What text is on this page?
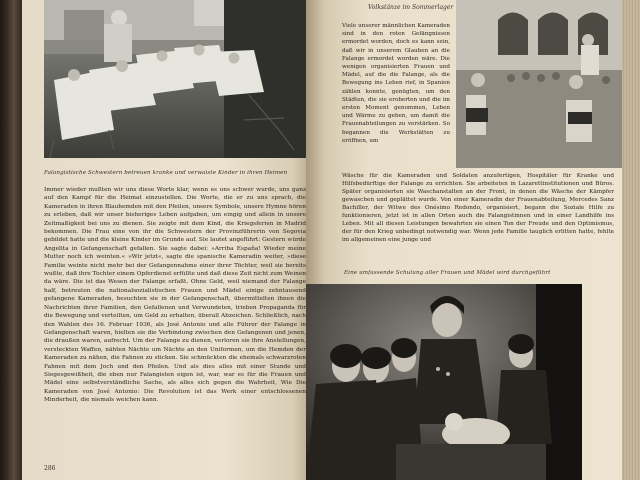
Falangistische Schwestern betreuen kranke und verwaiste Kinder in ihren Heimen
Immer wieder mußten wir uns diese Worte klar, wenn es uns schwer wurde, uns ganz auf den Kampf für die Heimat einzustellen. Die Worte, die er zu uns sprach, die Kameraden in ihren Blauhemden mit den Pfeilen, unsere Symbole, unsere Hymne hören zu erleben, daß wir unser bisheriges Leben aufgaben, um eingig und allein in unsere Zeitmaßigkeit bei uns zu dienen. Sie zeigte mit dem Kind, die Kriegsferien in Madrid bekommen. Die Frau eine von ihr die Schwestern der Provinzführerin von Segovia gebildet hatte und die kleine Kinder im Grunde auf. Sie lautet angeführt: Gestern würde Angelita in Gefangenschaft gefallen. Sie sagte dabei: »Arriba España! Wieder meine Mutter noch ich weinten.« »Wir jetzt«, sagte die spanische Kameradin weiter, »diese Familie weinte nicht mehr bei der Gefangennahme einer ihrer Töchter, weil sie bereits wußte, daß ihre Tochter einem Opferdienst erfüllte und daß diese Zeit nicht zum Weinen da wäre. Die ist das Wesen der Falange erfaßt. Ohne Geld, weil niemand der Falange half, betreuten die nationalsozialistischen Frauen und Mädel einige zehntausend gefangene Kameraden, besuchten sie in der Gefangenschaft, übermittelten ihnen die Nachrichten ihrer Familien, den Gefallenen und Verwundeten, trieben Propaganda für die Bewegung und verteilten, um Geld zu erhalten, überall Abzeichen. Schließlich, nach den Wahlen des 16. Februar 1936, als José Antonio und alle Führer der Falange in Gefangenschaft waren, hielten sie die Verbindung zwischen den Gefangenen und jenen, die draußen waren, aufrecht. Um der Falange zu dienen, verloren sie ihre Anstellungen, versteckten Waffen, nähten Nächte um Nächte an den Uniformen, um die Hemden der Kameraden zu nähen, die Fahnen zu sticken. Sie schmückten die ehemals schwarzroten Fahnen mit dem Joch und den Pfeilen. Und als dies alles mit einer Stunde und Siegesgewißheit, die eben nur Falangisten eigen ist, war, war es für die Frauen und Mädel eine selbstverständliche Sache, als alles sich gegen die Wahrheit, Wie Die Kameraden von José Antonio: Die Revolution ist das Werk einer entschlossenen Minderheit, die niemals weichen kann.
286
Volkstänze im Sommerlager
Viele unserer männlichen Kameraden sind in den roten Gefängnissen ermordet worden, doch es kann sein, daß wir in unserem Glauben an die Falange ermordet worden wäre. Die wenigen organisierten Frauen und Mädel, auf die die Falange, als die Bewegung ins Leben rief, in Spanien zählen konnte, genügten, um den Städten, die sie eroberten und die im ersten Moment genommen, Leben und Wärme zu geben, um damit die Frauenabteilungen zu verstärken. So begannen die Werkstätten zu eröffnen, um
Wäsche für die Kameraden und Soldaten anzufertigen, Hospitäler für Kranke und Hilfsbedürftige der Falange zu errichten. Sie arbeiteten in Lazarettinstitutionen und Büros. Später organisierten sie Waschanstalten an der Front, in denen die Wäsche der Kämpfer gewaschen und geplättet wurde. Von einer Kameradin der Frauenabteilung, Mercedes Sanz Bachiller, der Witwe des Onésimo Redondo, organisiert, begann die Soziale Hilfe zu funktionieren, jetzt ist in allen Orten auch die Falangistinnen und in einer Landhilfe ins Leben. Mit all diesen Leistungen bewahrten sie einen Ton der Freude und den Optimismus, der für den Krieg unbedingt notwendig war. Wenn jede Familie tauglich erlitten hatte, fehlte im allgemeinen eine junge und
Eine umfassende Schulung aller Frauen und Mädel wird durchgeführt
